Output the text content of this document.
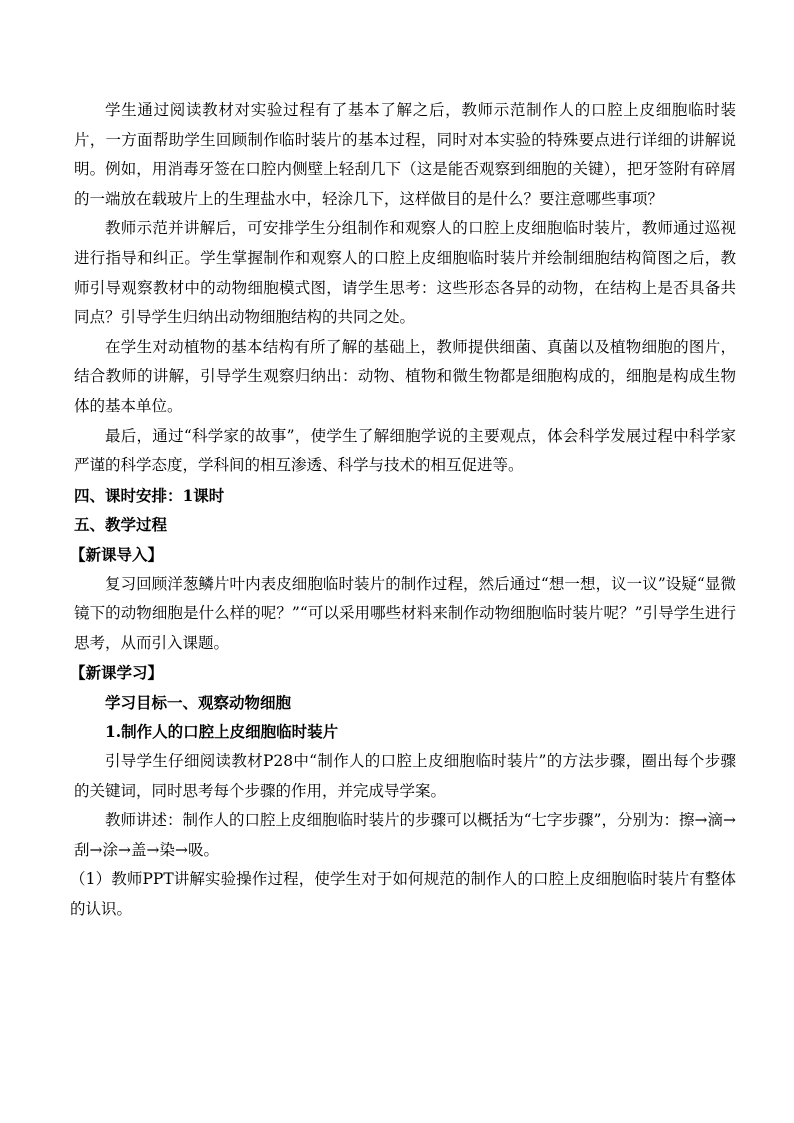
学生通过阅读教材对实验过程有了基本了解之后，教师示范制作人的口腔上皮细胞临时装片，一方面帮助学生回顾制作临时装片的基本过程，同时对本实验的特殊要点进行详细的讲解说明。例如，用消毒牙签在口腔内侧壁上轻刮几下（这是能否观察到细胞的关键），把牙签附有碎屑的一端放在载玻片上的生理盐水中，轻涂几下，这样做目的是什么？要注意哪些事项？

教师示范并讲解后，可安排学生分组制作和观察人的口腔上皮细胞临时装片，教师通过巡视进行指导和纠正。学生掌握制作和观察人的口腔上皮细胞临时装片并绘制细胞结构简图之后，教师引导观察教材中的动物细胞模式图，请学生思考：这些形态各异的动物，在结构上是否具备共同点？引导学生归纳出动物细胞结构的共同之处。

在学生对动植物的基本结构有所了解的基础上，教师提供细菌、真菌以及植物细胞的图片，结合教师的讲解，引导学生观察归纳出：动物、植物和微生物都是细胞构成的，细胞是构成生物体的基本单位。

最后，通过“科学家的故事”，使学生了解细胞学说的主要观点，体会科学发展过程中科学家严谨的科学态度，学科间的相互渗透、科学与技术的相互促进等。

四、课时安排：1课时

五、教学过程

【新课导入】

复习回顾洋葱鳞片叶内表皮细胞临时装片的制作过程，然后通过“想一想，议一议”设疑“显微镜下的动物细胞是什么样的呢？”“可以采用哪些材料来制作动物细胞临时装片呢？”引导学生进行思考，从而引入课题。

【新课学习】

学习目标一、观察动物细胞

1.制作人的口腔上皮细胞临时装片

引导学生仔细阅读教材P28中“制作人的口腔上皮细胞临时装片”的方法步骤，圈出每个步骤的关键词，同时思考每个步骤的作用，并完成导学案。

教师讲述：制作人的口腔上皮细胞临时装片的步骤可以概括为“七字步骤”，分别为：擦→滴→刮→涂→盖→染→吸。

（1）教师PPT讲解实验操作过程，使学生对于如何规范的制作人的口腔上皮细胞临时装片有整体的认识。
